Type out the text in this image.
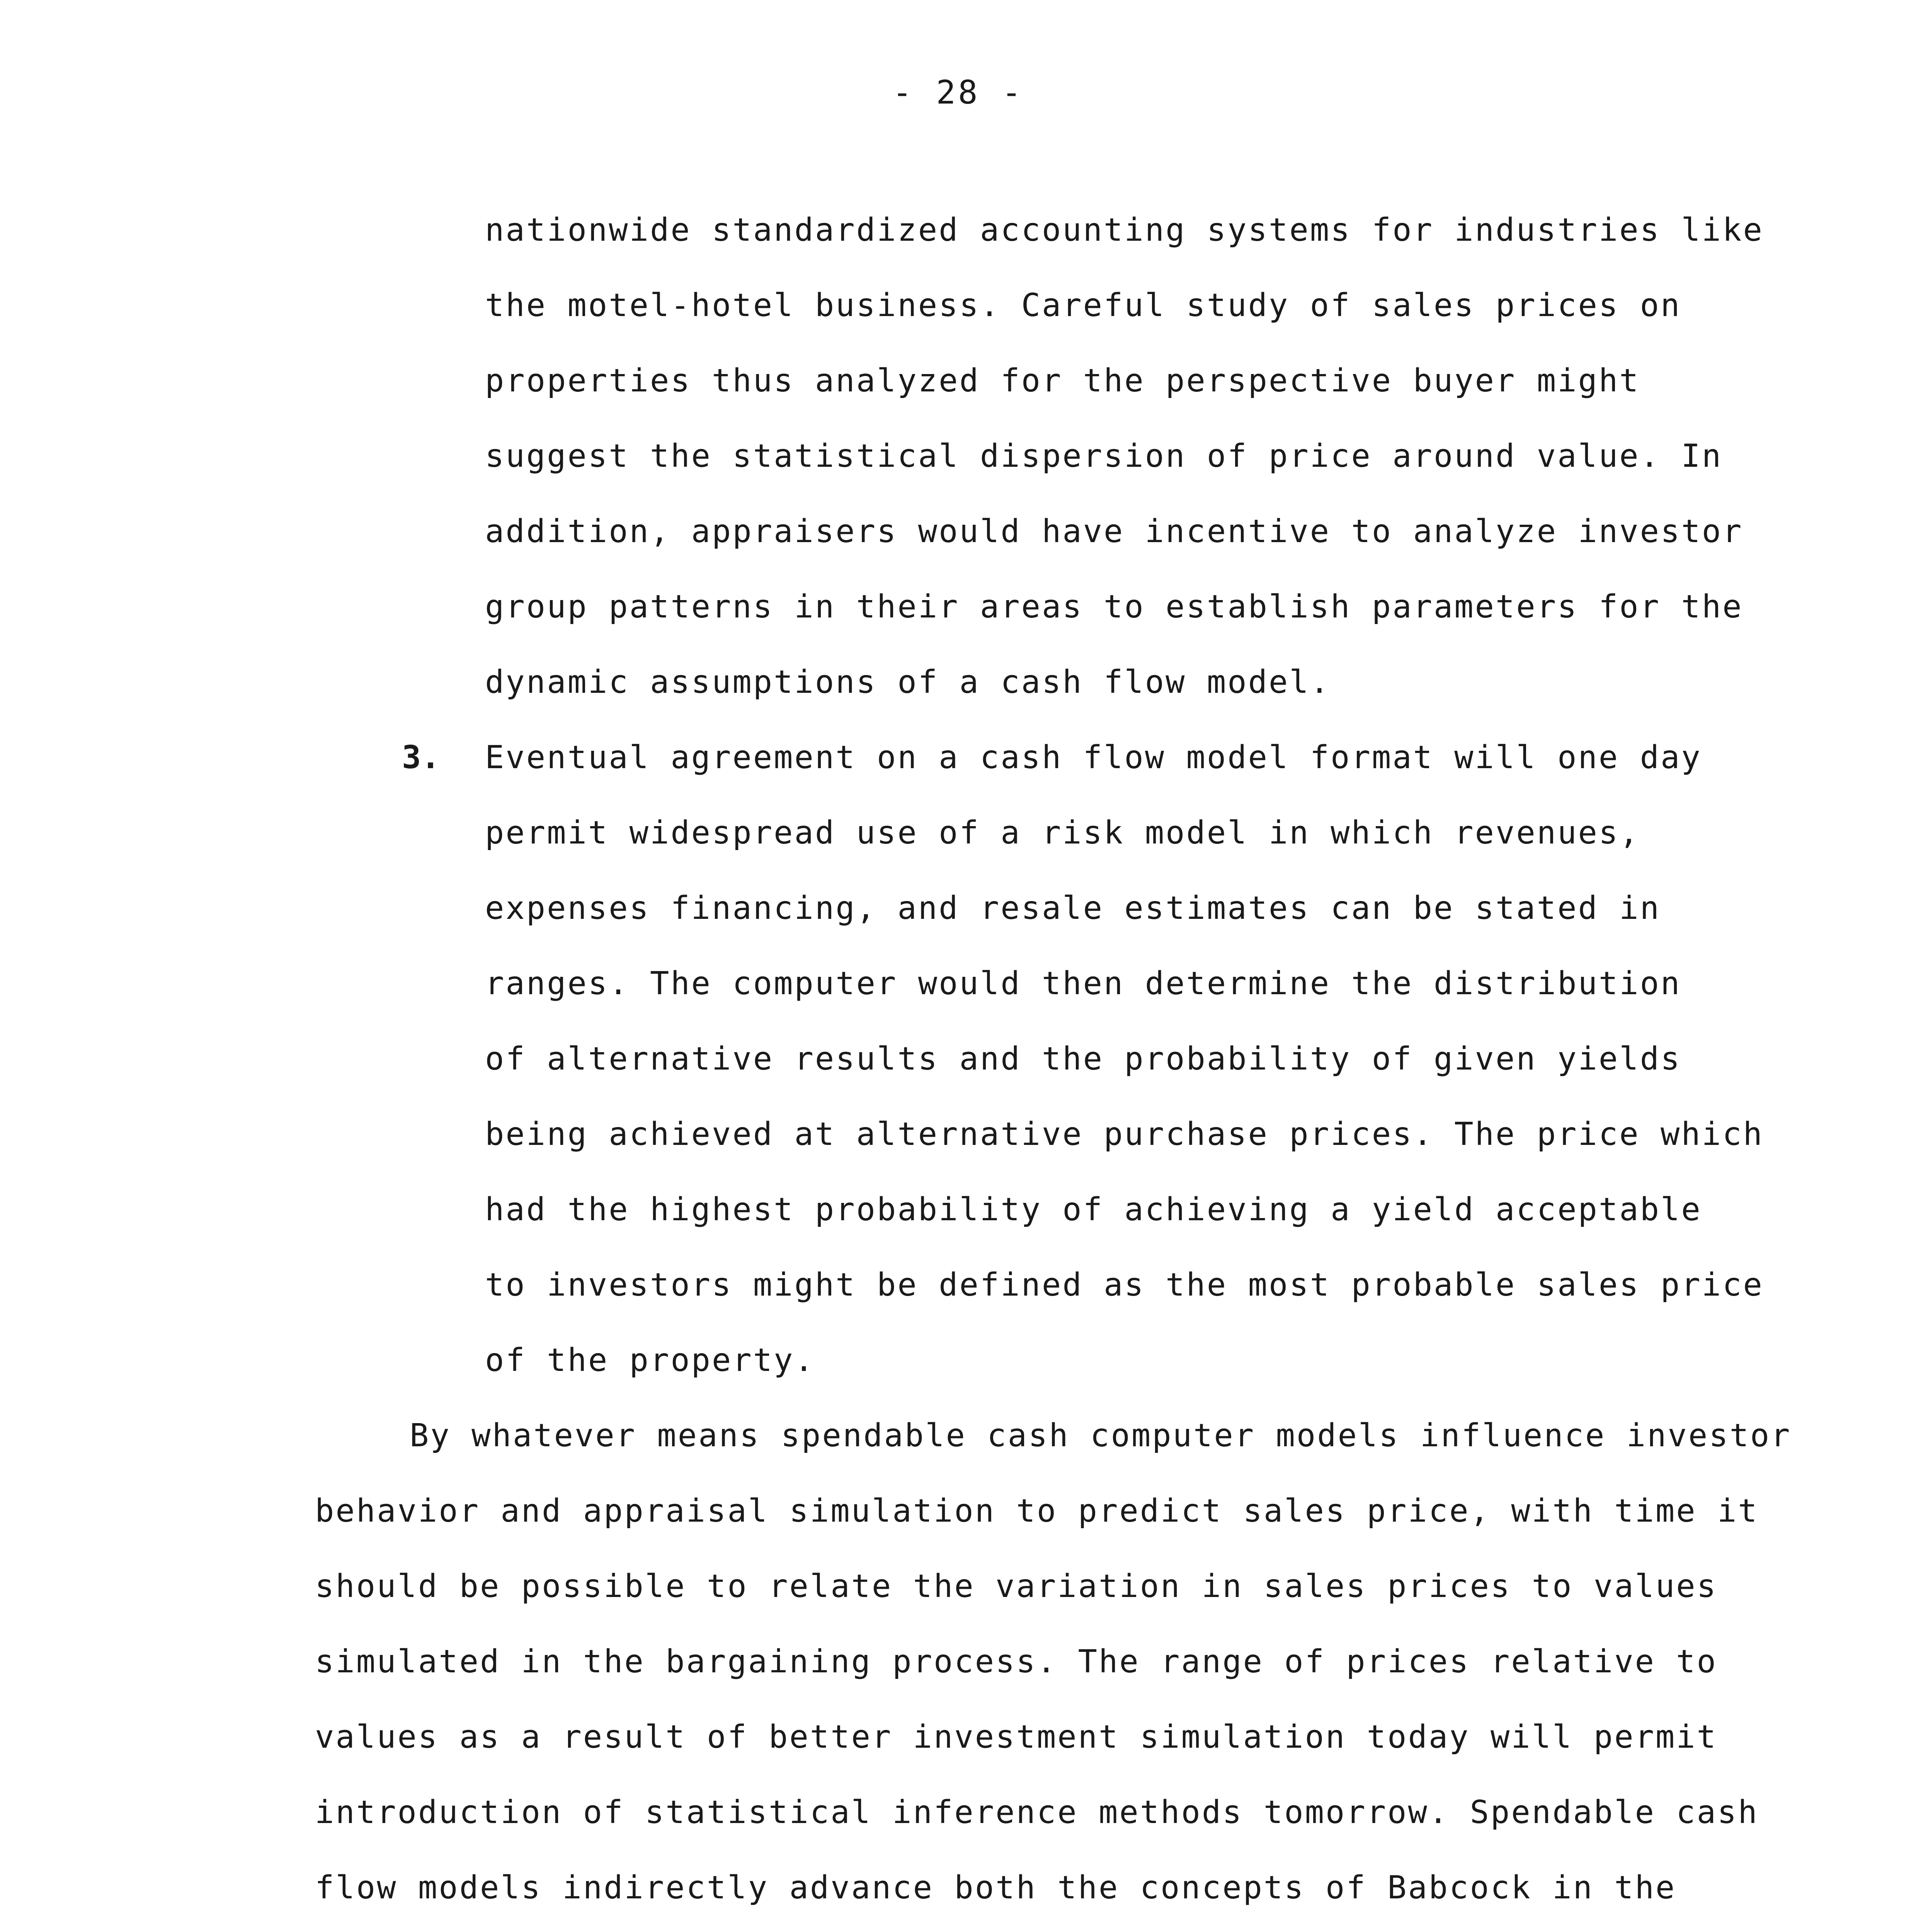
- 28 -
nationwide standardized accounting systems for industries like
the motel-hotel business. Careful study of sales prices on
properties thus analyzed for the perspective buyer might
suggest the statistical dispersion of price around value. In
addition, appraisers would have incentive to analyze investor
group patterns in their areas to establish parameters for the
dynamic assumptions of a cash flow model.
3. Eventual agreement on a cash flow model format will one day
permit widespread use of a risk model in which revenues,
expenses financing, and resale estimates can be stated in
ranges. The computer would then determine the distribution
of alternative results and the probability of given yields
being achieved at alternative purchase prices. The price which
had the highest probability of achieving a yield acceptable
to investors might be defined as the most probable sales price
of the property.
By whatever means spendable cash computer models influence investor
behavior and appraisal simulation to predict sales price, with time it
should be possible to relate the variation in sales prices to values
simulated in the bargaining process. The range of prices relative to
values as a result of better investment simulation today will permit
introduction of statistical inference methods tomorrow. Spendable cash
flow models indirectly advance both the concepts of Babcock in the
